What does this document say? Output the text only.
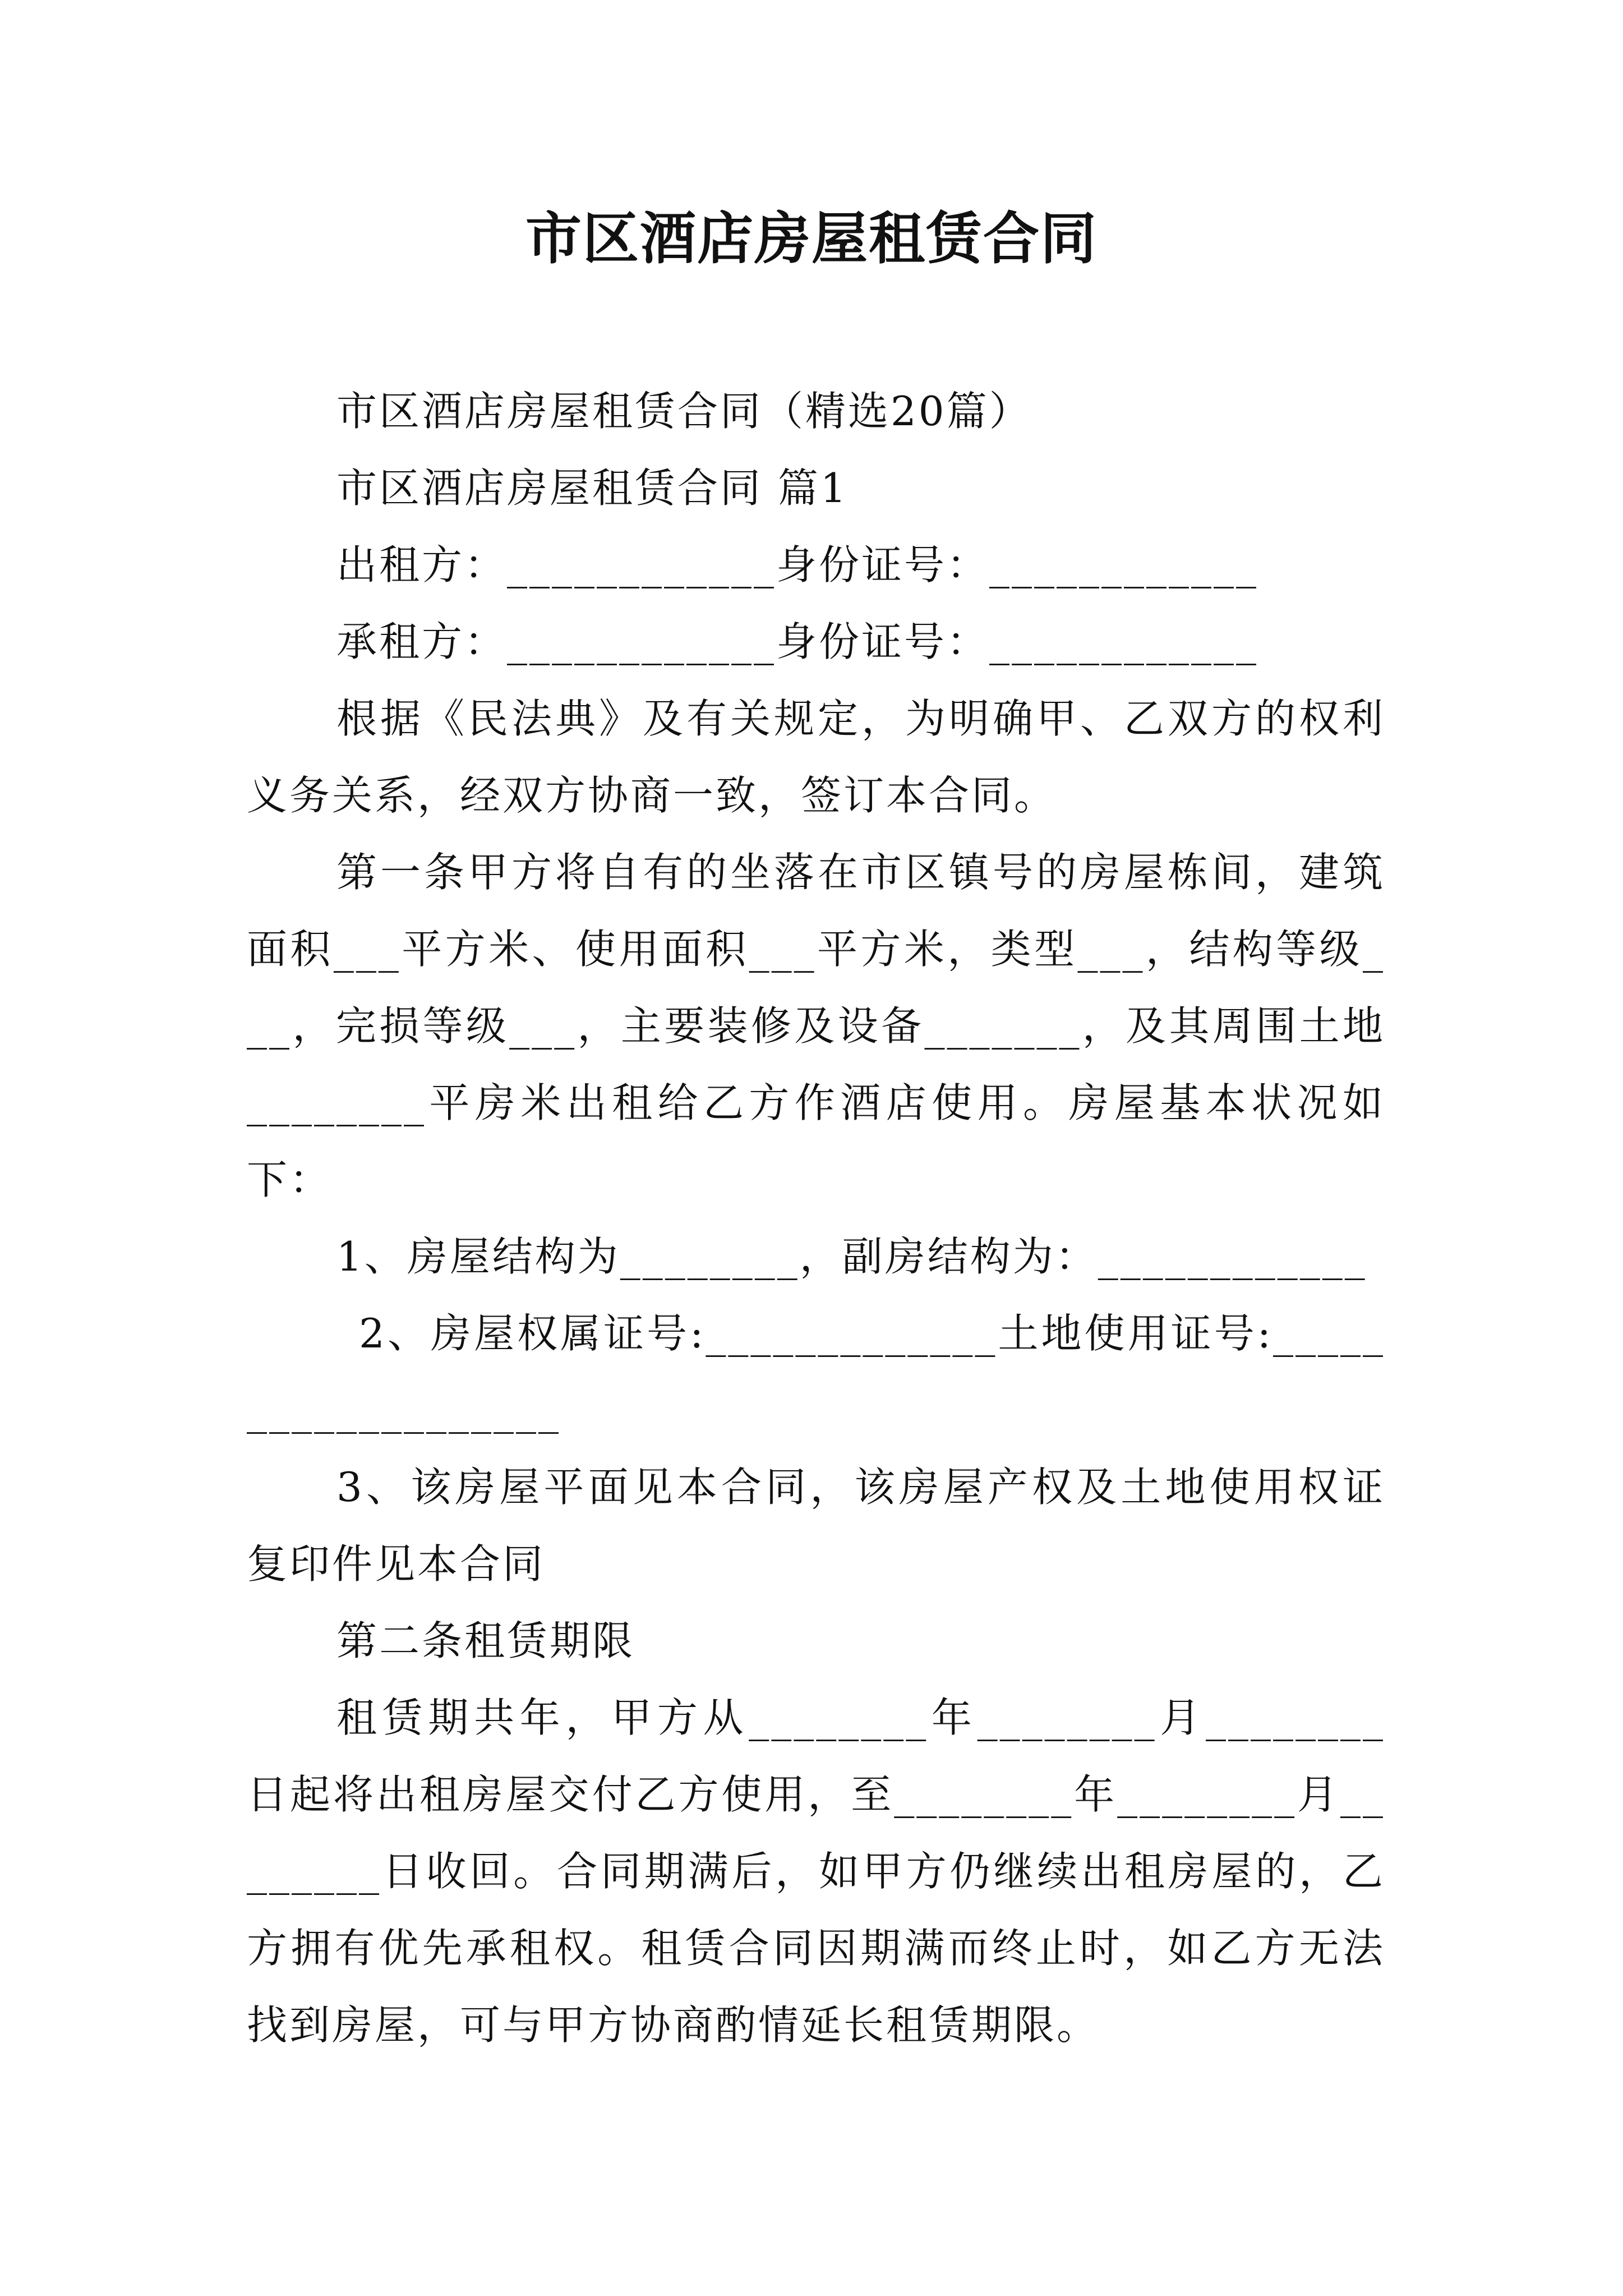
市区酒店房屋租赁合同

市区酒店房屋租赁合同（精选20篇）

市区酒店房屋租赁合同 篇1

出租方：____________身份证号：____________

承租方：____________身份证号：____________

根据《民法典》及有关规定，为明确甲、乙双方的权利义务关系，经双方协商一致，签订本合同。

第一条甲方将自有的坐落在市区镇号的房屋栋间，建筑面积___平方米、使用面积___平方米，类型___，结构等级___，完损等级___，主要装修及设备_______，及其周围土地________平房米出租给乙方作酒店使用。房屋基本状况如下：

1、房屋结构为________，副房结构为：____________

2、房屋权属证号:_____________土地使用证号:___________________

3、该房屋平面见本合同，该房屋产权及土地使用权证复印件见本合同

第二条租赁期限

租赁期共年，甲方从________年________月________日起将出租房屋交付乙方使用，至________年________月________日收回。合同期满后，如甲方仍继续出租房屋的，乙方拥有优先承租权。租赁合同因期满而终止时，如乙方无法找到房屋，可与甲方协商酌情延长租赁期限。
